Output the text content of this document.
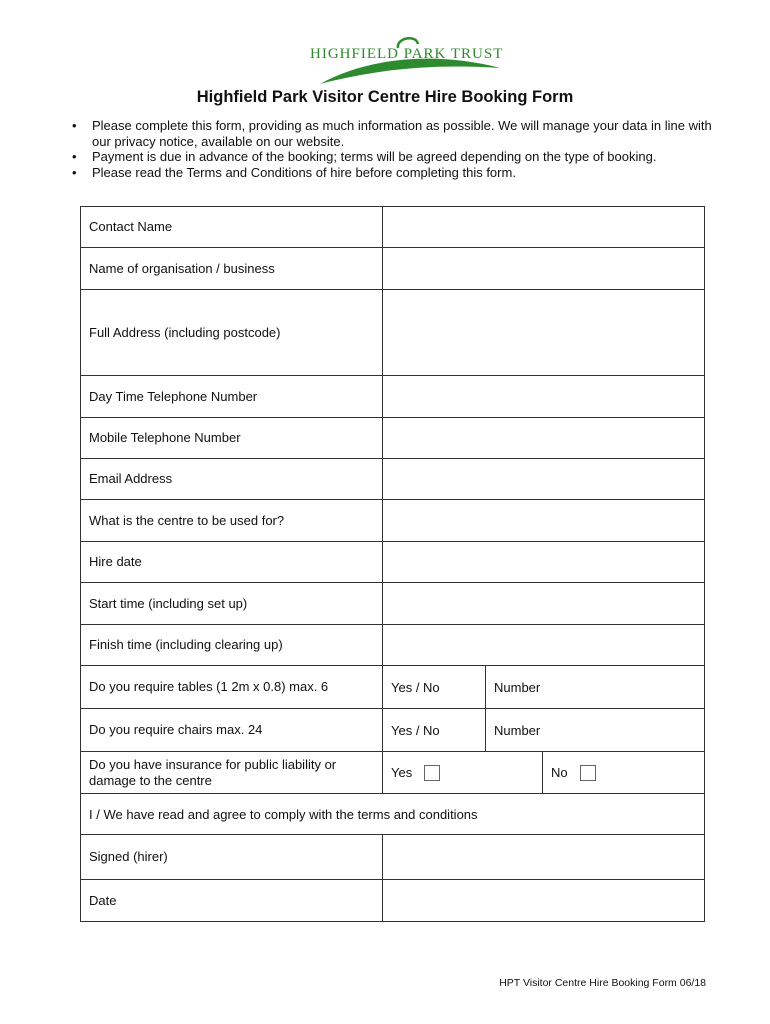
HIGHFIELD PARK TRUST
Highfield Park Visitor Centre Hire Booking Form
• Please complete this form, providing as much information as possible. We will manage your data in line with our privacy notice, available on our website.
• Payment is due in advance of the booking; terms will be agreed depending on the type of booking.
• Please read the Terms and Conditions of hire before completing this form.
Contact Name
Name of organisation / business
Full Address (including postcode)
Day Time Telephone Number
Mobile Telephone Number
Email Address
What is the centre to be used for?
Hire date
Start time (including set up)
Finish time (including clearing up)
Do you require tables (1 2m x 0.8) max. 6	Yes / No	Number
Do you require chairs max. 24	Yes / No	Number
Do you have insurance for public liability or damage to the centre	Yes	No
I / We have read and agree to comply with the terms and conditions
Signed (hirer)
Date
HPT Visitor Centre Hire Booking Form 06/18
